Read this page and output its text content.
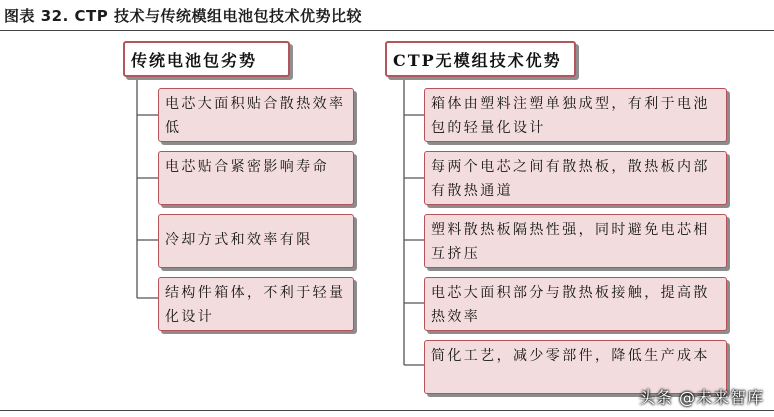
图表 32. CTP 技术与传统模组电池包技术优势比较
传统电池包劣势	CTP无模组技术优势
电芯大面积贴合散热效率低
电芯贴合紧密影响寿命
冷却方式和效率有限
结构件箱体，不利于轻量化设计
箱体由塑料注塑单独成型，有利于电池包的轻量化设计
每两个电芯之间有散热板，散热板内部有散热通道
塑料散热板隔热性强，同时避免电芯相互挤压
电芯大面积部分与散热板接触，提高散热效率
简化工艺，减少零部件，降低生产成本
头条 @未来智库
